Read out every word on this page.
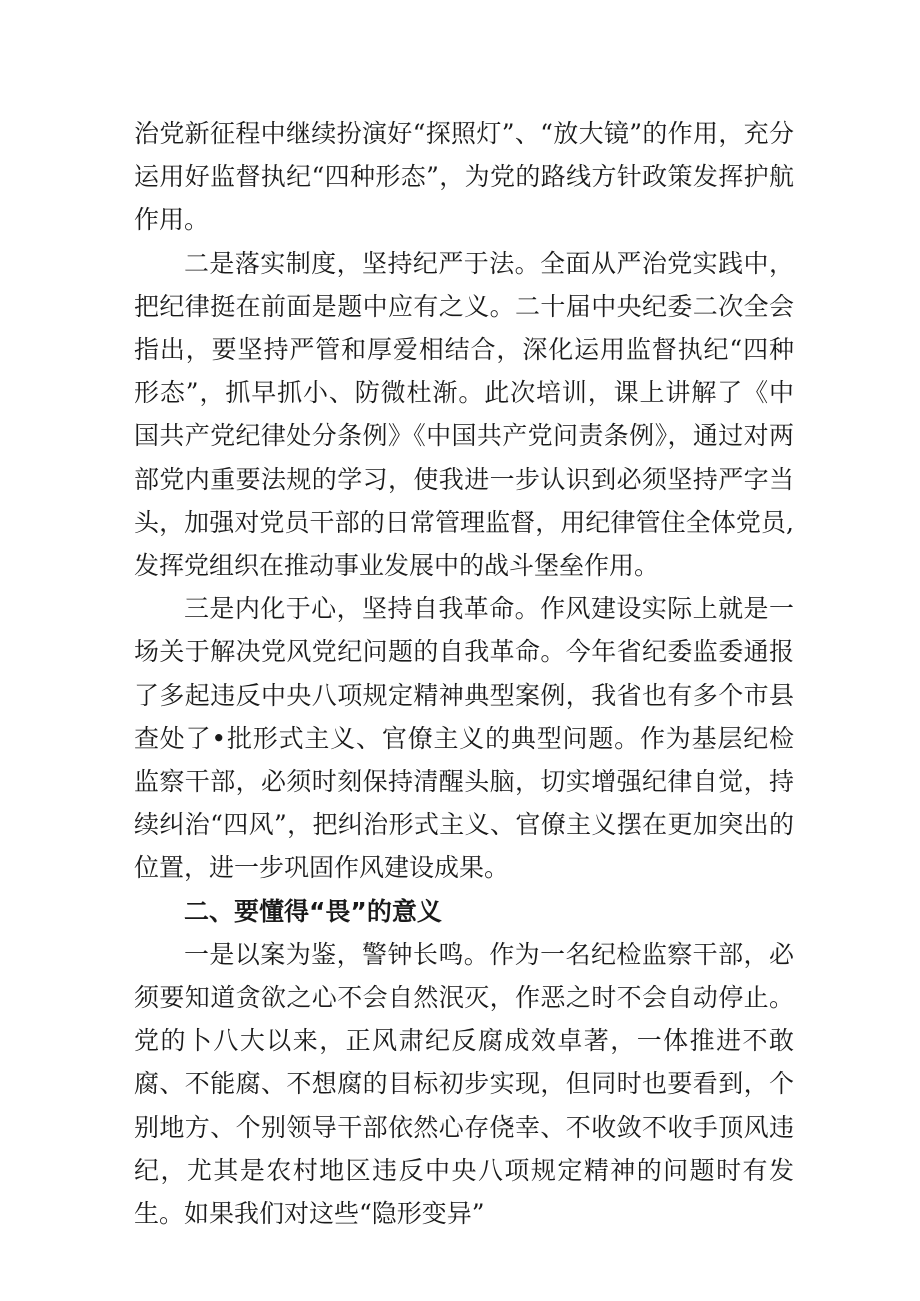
治党新征程中继续扮演好“探照灯”、“放大镜”的作用，充分运用好监督执纪“四种形态”，为党的路线方针政策发挥护航作用。

二是落实制度，坚持纪严于法。全面从严治党实践中，把纪律挺在前面是题中应有之义。二十届中央纪委二次全会指出，要坚持严管和厚爱相结合，深化运用监督执纪“四种形态”，抓早抓小、防微杜渐。此次培训，课上讲解了《中国共产党纪律处分条例》《中国共产党问责条例》，通过对两部党内重要法规的学习，使我进一步认识到必须坚持严字当头，加强对党员干部的日常管理监督，用纪律管住全体党员,发挥党组织在推动事业发展中的战斗堡垒作用。

三是内化于心，坚持自我革命。作风建设实际上就是一场关于解决党风党纪问题的自我革命。今年省纪委监委通报了多起违反中央八项规定精神典型案例，我省也有多个市县查处了•批形式主义、官僚主义的典型问题。作为基层纪检监察干部，必须时刻保持清醒头脑，切实增强纪律自觉，持续纠治“四风”，把纠治形式主义、官僚主义摆在更加突出的位置，进一步巩固作风建设成果。

二、要懂得“畏”的意义

一是以案为鉴，警钟长鸣。作为一名纪检监察干部，必须要知道贪欲之心不会自然泯灭，作恶之时不会自动停止。党的卜八大以来，正风肃纪反腐成效卓著，一体推进不敢腐、不能腐、不想腐的目标初步实现，但同时也要看到，个别地方、个别领导干部依然心存侥幸、不收敛不收手顶风违纪，尤其是农村地区违反中央八项规定精神的问题时有发生。如果我们对这些“隐形变异”
